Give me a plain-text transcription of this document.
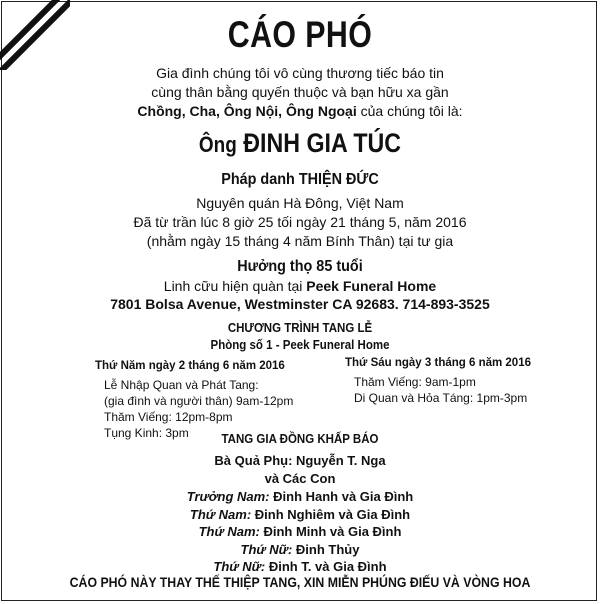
CÁO PHÓ
Gia đình chúng tôi vô cùng thương tiếc báo tin
cùng thân bằng quyến thuộc và bạn hữu xa gần
Chồng, Cha, Ông Nội, Ông Ngoại của chúng tôi là:
Ông ĐINH GIA TÚC
Pháp danh THIỆN ĐỨC
Nguyên quán Hà Đông, Việt Nam
Đã từ trần lúc 8 giờ 25 tối ngày 21 tháng 5, năm 2016
(nhằm ngày 15 tháng 4 năm Bính Thân) tại tư gia
Hưởng thọ 85 tuổi
Linh cữu hiện quàn tại Peek Funeral Home
7801 Bolsa Avenue, Westminster CA 92683. 714-893-3525
CHƯƠNG TRÌNH TANG LỄ
Phòng số 1 - Peek Funeral Home
Thứ Năm ngày 2 tháng 6 năm 2016
Lễ Nhập Quan và Phát Tang:
(gia đình và người thân) 9am-12pm
Thăm Viếng: 12pm-8pm
Tụng Kinh: 3pm
Thứ Sáu ngày 3 tháng 6 năm 2016
Thăm Viếng: 9am-1pm
Di Quan và Hỏa Táng: 1pm-3pm
TANG GIA ĐỒNG KHẤP BÁO
Bà Quả Phụ: Nguyễn T. Nga
và Các Con
Trưởng Nam: Đinh Hanh và Gia Đình
Thứ Nam: Đinh Nghiêm và Gia Đình
Thứ Nam: Đinh Minh và Gia Đình
Thứ Nữ: Đinh Thủy
Thứ Nữ: Đinh T. và Gia Đình
CÁO PHÓ NÀY THAY THẾ THIỆP TANG, XIN MIỄN PHÚNG ĐIẾU VÀ VÒNG HOA
